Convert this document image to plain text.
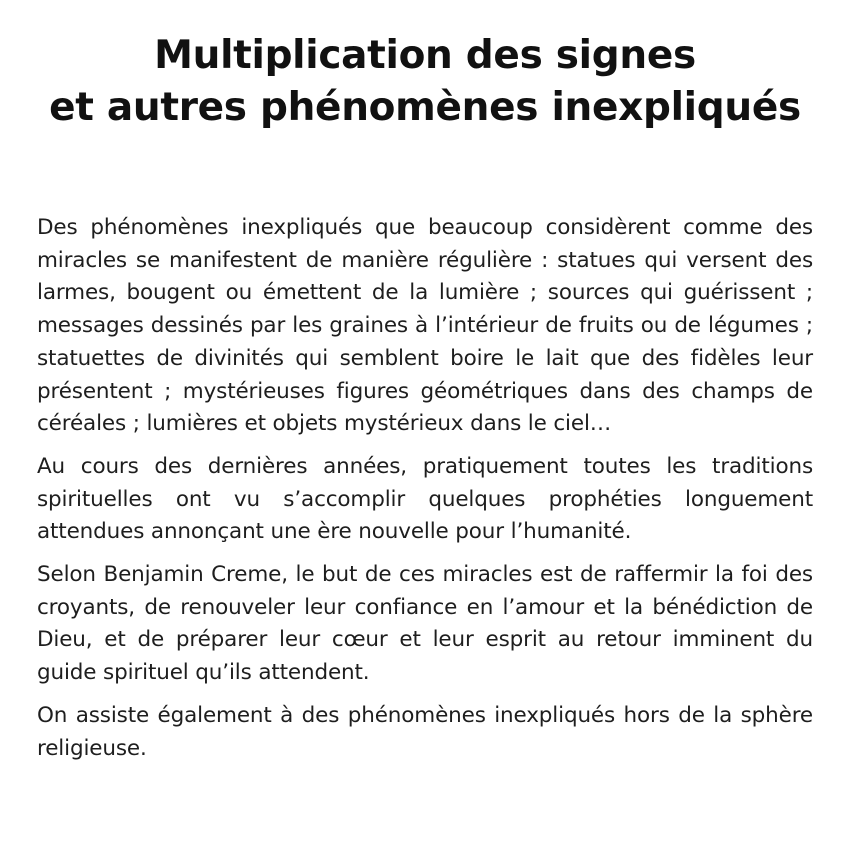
Multiplication des signes
et autres phénomènes inexpliqués

Des phénomènes inexpliqués que beaucoup considèrent comme des miracles se manifestent de manière régulière : statues qui versent des larmes, bougent ou émettent de la lumière ; sources qui guérissent ; messages dessinés par les graines à l’intérieur de fruits ou de légumes ; statuettes de divinités qui semblent boire le lait que des fidèles leur présentent ; mystérieuses figures géométriques dans des champs de céréales ; lumières et objets mystérieux dans le ciel…

Au cours des dernières années, pratiquement toutes les traditions spirituelles ont vu s’accomplir quelques prophéties longuement attendues annonçant une ère nouvelle pour l’humanité.

Selon Benjamin Creme, le but de ces miracles est de raffermir la foi des croyants, de renouveler leur confiance en l’amour et la bénédiction de Dieu, et de préparer leur cœur et leur esprit au retour imminent du guide spirituel qu’ils attendent.

On assiste également à des phénomènes inexpliqués hors de la sphère religieuse.
